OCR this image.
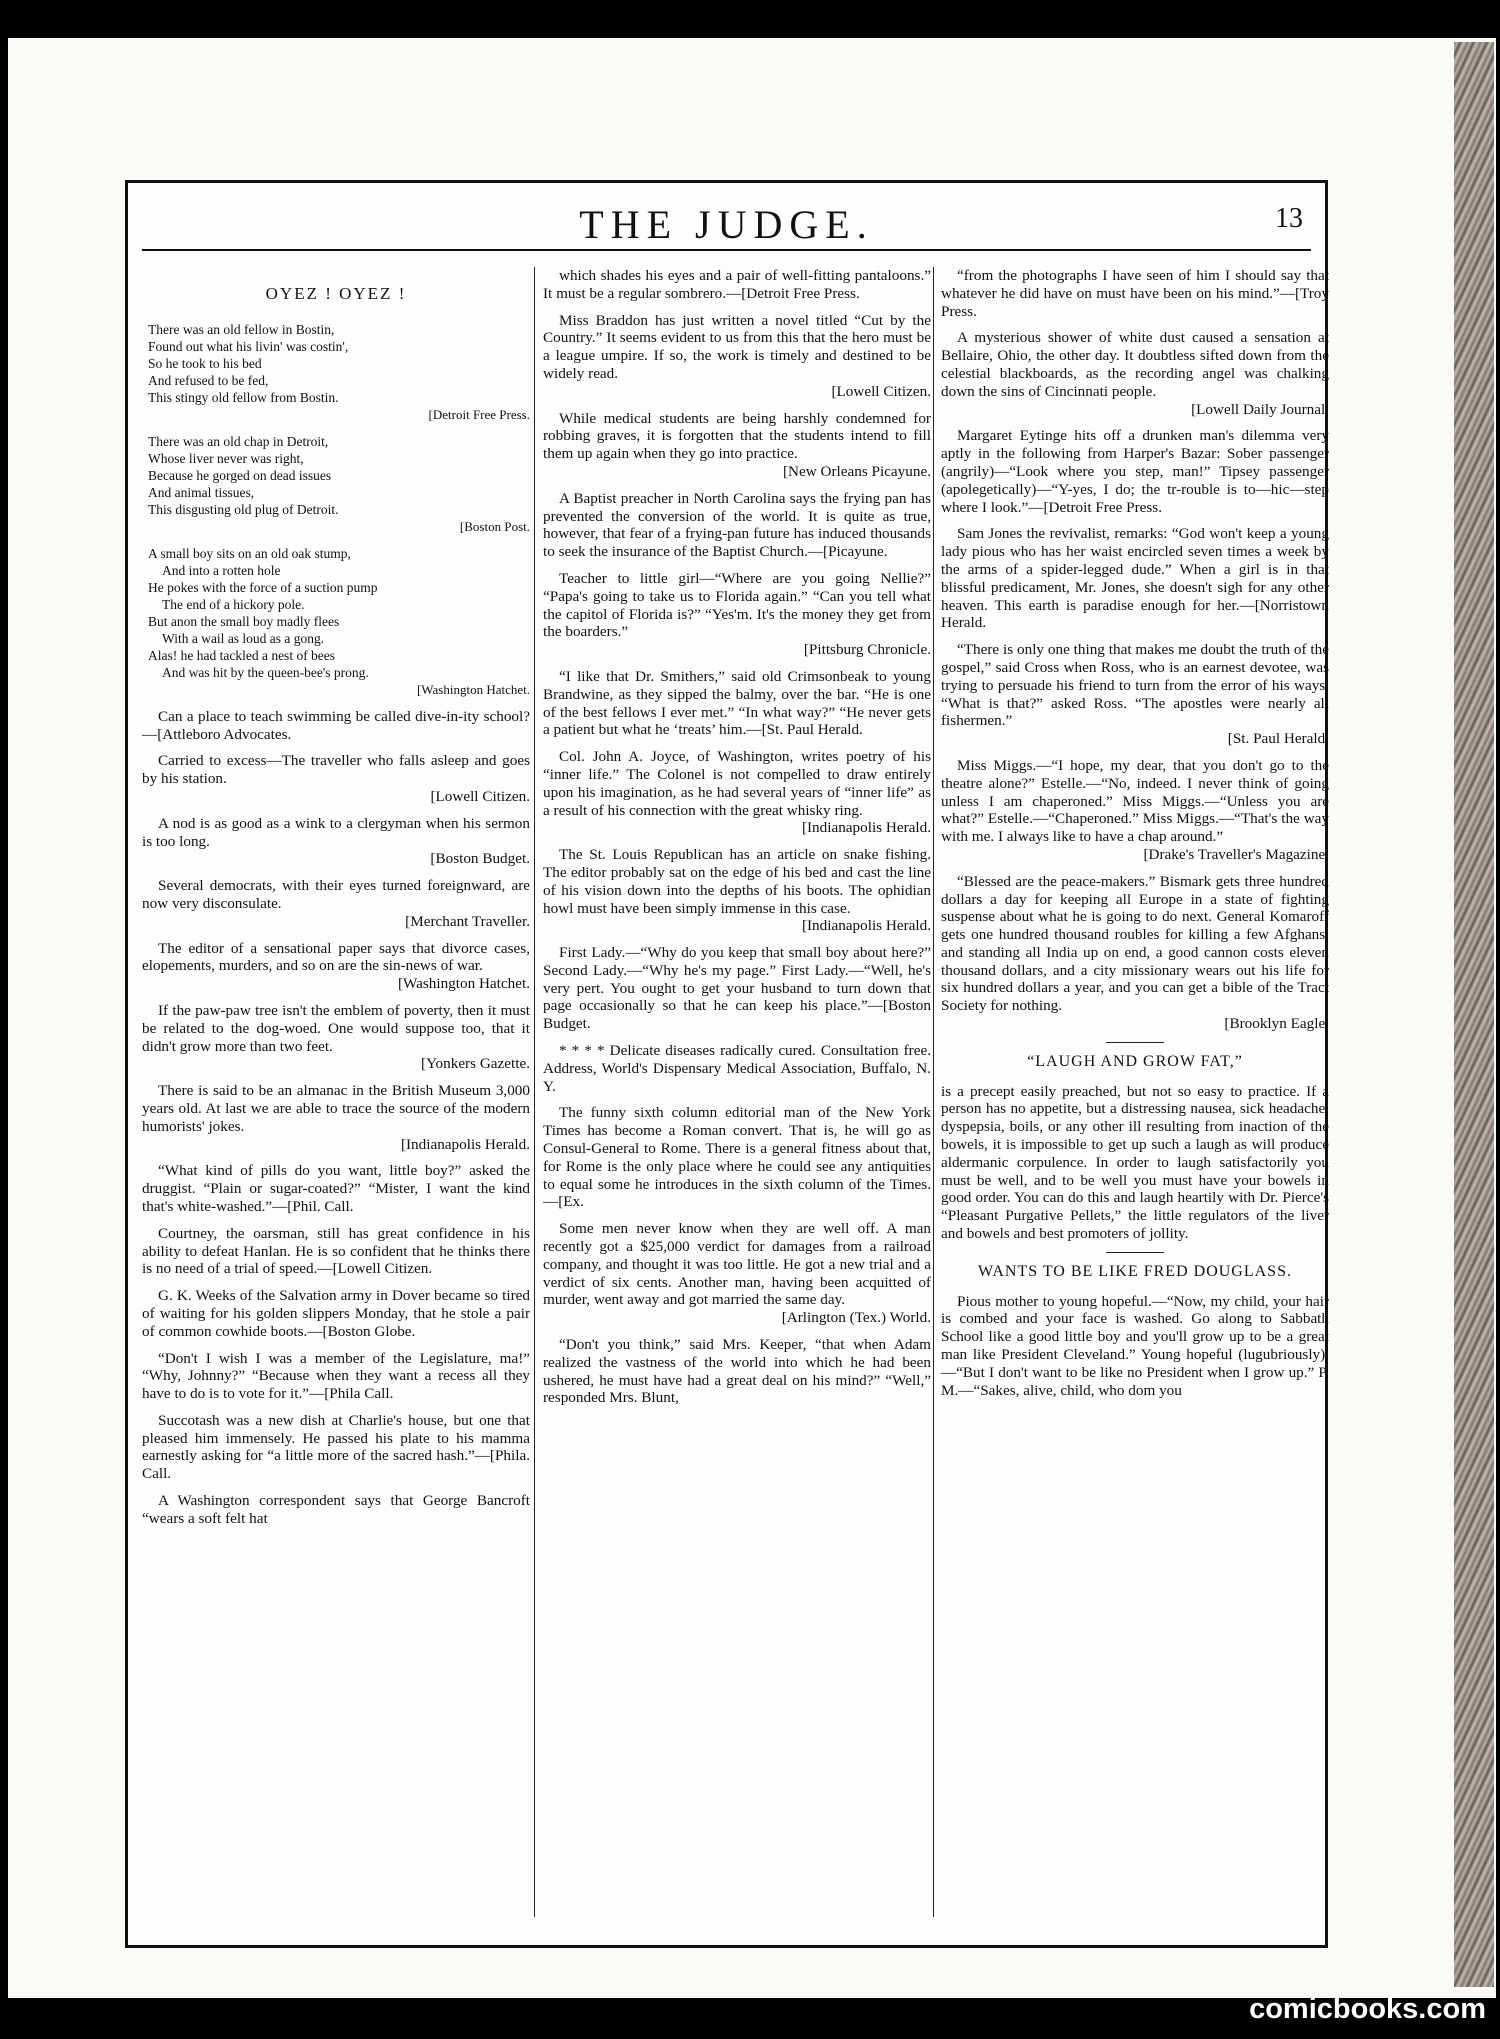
THE JUDGE.	13
OYEZ ! OYEZ !
There was an old fellow in Bostin,
Found out what his livin' was costin',
So he took to his bed
And refused to be fed,
This stingy old fellow from Bostin.
[Detroit Free Press.
There was an old chap in Detroit,
Whose liver never was right,
Because he gorged on dead issues
And animal tissues,
This disgusting old plug of Detroit.
[Boston Post.
A small boy sits on an old oak stump,
And into a rotten hole
He pokes with the force of a suction pump
The end of a hickory pole.
But anon the small boy madly flees
With a wail as loud as a gong.
Alas! he had tackled a nest of bees
And was hit by the queen-bee's prong.
[Washington Hatchet.

Can a place to teach swimming be called dive-in-ity school?—[Attleboro Advocates.

Carried to excess—The traveller who falls asleep and goes by his station.

[Lowell Citizen.

A nod is as good as a wink to a clergyman when his sermon is too long.

[Boston Budget.

Several democrats, with their eyes turned foreignward, are now very disconsulate.

[Merchant Traveller.

The editor of a sensational paper says that divorce cases, elopements, murders, and so on are the sin-news of war.

[Washington Hatchet.

If the paw-paw tree isn't the emblem of poverty, then it must be related to the dog-woed. One would suppose too, that it didn't grow more than two feet.

[Yonkers Gazette.

There is said to be an almanac in the British Museum 3,000 years old. At last we are able to trace the source of the modern humorists' jokes.

[Indianapolis Herald.

“What kind of pills do you want, little boy?” asked the druggist. “Plain or sugar-coated?” “Mister, I want the kind that's white-washed.”—[Phil. Call.

Courtney, the oarsman, still has great confidence in his ability to defeat Hanlan. He is so confident that he thinks there is no need of a trial of speed.—[Lowell Citizen.

G. K. Weeks of the Salvation army in Dover became so tired of waiting for his golden slippers Monday, that he stole a pair of common cowhide boots.—[Boston Globe.

“Don't I wish I was a member of the Legislature, ma!” “Why, Johnny?” “Because when they want a recess all they have to do is to vote for it.”—[Phila Call.

Succotash was a new dish at Charlie's house, but one that pleased him immensely. He passed his plate to his mamma earnestly asking for “a little more of the sacred hash.”—[Phila. Call.

A Washington correspondent says that George Bancroft “wears a soft felt hat

which shades his eyes and a pair of well-fitting pantaloons.” It must be a regular sombrero.—[Detroit Free Press.

Miss Braddon has just written a novel titled “Cut by the Country.” It seems evident to us from this that the hero must be a league umpire. If so, the work is timely and destined to be widely read.

[Lowell Citizen.

While medical students are being harshly condemned for robbing graves, it is forgotten that the students intend to fill them up again when they go into practice.

[New Orleans Picayune.

A Baptist preacher in North Carolina says the frying pan has prevented the conversion of the world. It is quite as true, however, that fear of a frying-pan future has induced thousands to seek the insurance of the Baptist Church.—[Picayune.

Teacher to little girl—“Where are you going Nellie?” “Papa's going to take us to Florida again.” “Can you tell what the capitol of Florida is?” “Yes'm. It's the money they get from the boarders.”

[Pittsburg Chronicle.

“I like that Dr. Smithers,” said old Crimsonbeak to young Brandwine, as they sipped the balmy, over the bar. “He is one of the best fellows I ever met.” “In what way?” “He never gets a patient but what he ‘treats’ him.—[St. Paul Herald.

Col. John A. Joyce, of Washington, writes poetry of his “inner life.” The Colonel is not compelled to draw entirely upon his imagination, as he had several years of “inner life” as a result of his connection with the great whisky ring.

[Indianapolis Herald.

The St. Louis Republican has an article on snake fishing. The editor probably sat on the edge of his bed and cast the line of his vision down into the depths of his boots. The ophidian howl must have been simply immense in this case.

[Indianapolis Herald.

First Lady.—“Why do you keep that small boy about here?” Second Lady.—“Why he's my page.” First Lady.—“Well, he's very pert. You ought to get your husband to turn down that page occasionally so that he can keep his place.”—[Boston Budget.

* * * * Delicate diseases radically cured. Consultation free. Address, World's Dispensary Medical Association, Buffalo, N. Y.

The funny sixth column editorial man of the New York Times has become a Roman convert. That is, he will go as Consul-General to Rome. There is a general fitness about that, for Rome is the only place where he could see any antiquities to equal some he introduces in the sixth column of the Times.—[Ex.

Some men never know when they are well off. A man recently got a $25,000 verdict for damages from a railroad company, and thought it was too little. He got a new trial and a verdict of six cents. Another man, having been acquitted of murder, went away and got married the same day.

[Arlington (Tex.) World.

“Don't you think,” said Mrs. Keeper, “that when Adam realized the vastness of the world into which he had been ushered, he must have had a great deal on his mind?” “Well,” responded Mrs. Blunt,

“from the photographs I have seen of him I should say that whatever he did have on must have been on his mind.”—[Troy Press.

A mysterious shower of white dust caused a sensation at Bellaire, Ohio, the other day. It doubtless sifted down from the celestial blackboards, as the recording angel was chalking down the sins of Cincinnati people.

[Lowell Daily Journal.

Margaret Eytinge hits off a drunken man's dilemma very aptly in the following from Harper's Bazar: Sober passenger (angrily)—“Look where you step, man!” Tipsey passenger (apolegetically)—“Y-yes, I do; the tr-rouble is to—hic—step where I look.”—[Detroit Free Press.

Sam Jones the revivalist, remarks: “God won't keep a young lady pious who has her waist encircled seven times a week by the arms of a spider-legged dude.” When a girl is in that blissful predicament, Mr. Jones, she doesn't sigh for any other heaven. This earth is paradise enough for her.—[Norristown Herald.

“There is only one thing that makes me doubt the truth of the gospel,” said Cross when Ross, who is an earnest devotee, was trying to persuade his friend to turn from the error of his ways. “What is that?” asked Ross. “The apostles were nearly all fishermen.”

[St. Paul Herald.

Miss Miggs.—“I hope, my dear, that you don't go to the theatre alone?” Estelle.—“No, indeed. I never think of going unless I am chaperoned.” Miss Miggs.—“Unless you are what?” Estelle.—“Chaperoned.” Miss Miggs.—“That's the way with me. I always like to have a chap around.”

[Drake's Traveller's Magazine.

“Blessed are the peace-makers.” Bismark gets three hundred dollars a day for keeping all Europe in a state of fighting suspense about what he is going to do next. General Komaroff gets one hundred thousand roubles for killing a few Afghans, and standing all India up on end, a good cannon costs eleven thousand dollars, and a city missionary wears out his life for six hundred dollars a year, and you can get a bible of the Tract Society for nothing.

[Brooklyn Eagle.
“LAUGH AND GROW FAT,”

is a precept easily preached, but not so easy to practice. If a person has no appetite, but a distressing nausea, sick headache, dyspepsia, boils, or any other ill resulting from inaction of the bowels, it is impossible to get up such a laugh as will produce aldermanic corpulence. In order to laugh satisfactorily you must be well, and to be well you must have your bowels in good order. You can do this and laugh heartily with Dr. Pierce's “Pleasant Purgative Pellets,” the little regulators of the liver and bowels and best promoters of jollity.

WANTS TO BE LIKE FRED DOUGLASS.

Pious mother to young hopeful.—“Now, my child, your hair is combed and your face is washed. Go along to Sabbath School like a good little boy and you'll grow up to be a great man like President Cleveland.” Young hopeful (lugubriously).—“But I don't want to be like no President when I grow up.” P. M.—“Sakes, alive, child, who dom you

comicbooks.com
